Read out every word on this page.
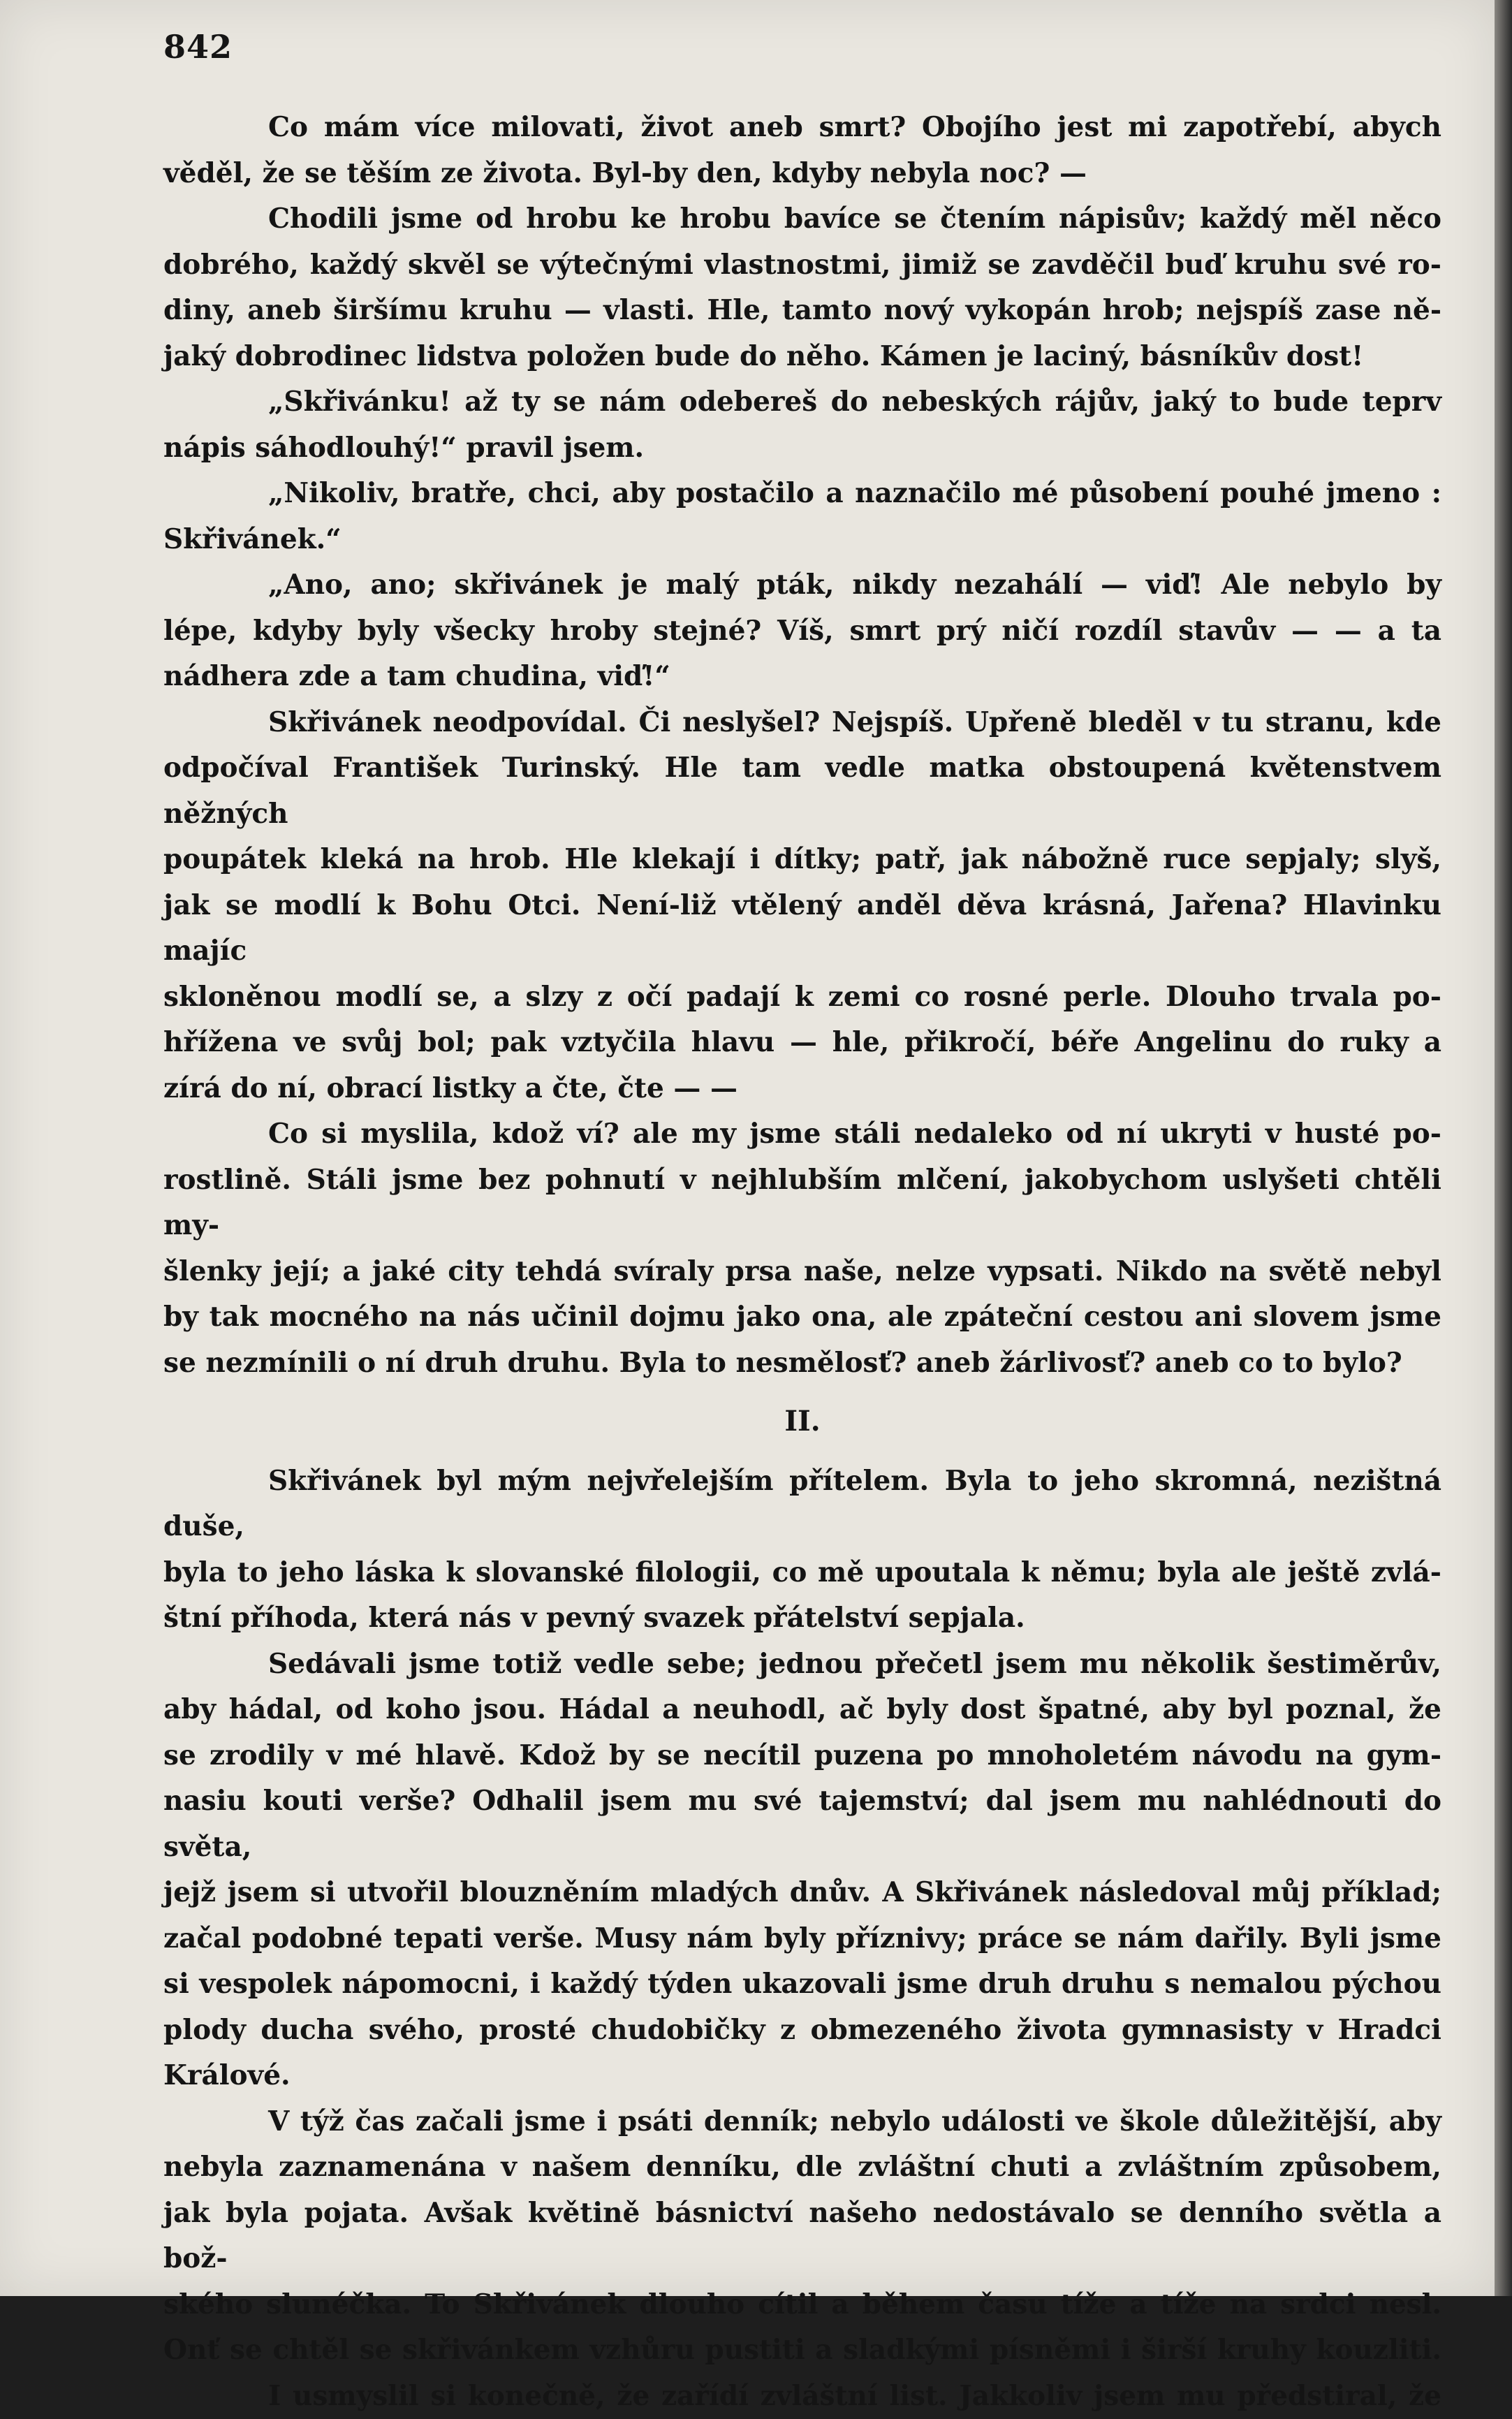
842

Co mám více milovati, život aneb smrt? Obojího jest mi zapotřebí, abych

věděl, že se těším ze života. Byl-by den, kdyby nebyla noc? —

Chodili jsme od hrobu ke hrobu bavíce se čtením nápisův; každý měl něco

dobrého, každý skvěl se výtečnými vlastnostmi, jimiž se zavděčil buď kruhu své ro-

diny, aneb širšímu kruhu — vlasti. Hle, tamto nový vykopán hrob; nejspíš zase ně-

jaký dobrodinec lidstva položen bude do něho. Kámen je laciný, básníkův dost!

„Skřivánku! až ty se nám odebereš do nebeských rájův, jaký to bude teprv

nápis sáhodlouhý!“ pravil jsem.

„Nikoliv, bratře, chci, aby postačilo a naznačilo mé působení pouhé jmeno :

Skřivánek.“

„Ano, ano; skřivánek je malý pták, nikdy nezahálí — viď! Ale nebylo by

lépe, kdyby byly všecky hroby stejné? Víš, smrt prý ničí rozdíl stavův — — a ta

nádhera zde a tam chudina, viď!“

Skřivánek neodpovídal. Či neslyšel? Nejspíš. Upřeně bleděl v tu stranu, kde

odpočíval František Turinský. Hle tam vedle matka obstoupená květenstvem něžných

poupátek kleká na hrob. Hle klekají i dítky; patř, jak nábožně ruce sepjaly; slyš,

jak se modlí k Bohu Otci. Není-liž vtělený anděl děva krásná, Jařena? Hlavinku majíc

skloněnou modlí se, a slzy z očí padají k zemi co rosné perle. Dlouho trvala po-

hřížena ve svůj bol; pak vztyčila hlavu — hle, přikročí, béře Angelinu do ruky a

zírá do ní, obrací listky a čte, čte — —

Co si myslila, kdož ví? ale my jsme stáli nedaleko od ní ukryti v husté po-

rostlině. Stáli jsme bez pohnutí v nejhlubším mlčení, jakobychom uslyšeti chtěli my-

šlenky její; a jaké city tehdá svíraly prsa naše, nelze vypsati. Nikdo na světě nebyl

by tak mocného na nás učinil dojmu jako ona, ale zpáteční cestou ani slovem jsme

se nezmínili o ní druh druhu. Byla to nesmělosť? aneb žárlivosť? aneb co to bylo?

II.

Skřivánek byl mým nejvřelejším přítelem. Byla to jeho skromná, nezištná duše,

byla to jeho láska k slovanské filologii, co mě upoutala k němu; byla ale ještě zvlá-

štní příhoda, která nás v pevný svazek přátelství sepjala.

Sedávali jsme totiž vedle sebe; jednou přečetl jsem mu několik šestiměrův,

aby hádal, od koho jsou. Hádal a neuhodl, ač byly dost špatné, aby byl poznal, že

se zrodily v mé hlavě. Kdož by se necítil puzena po mnoholetém návodu na gym-

nasiu kouti verše? Odhalil jsem mu své tajemství; dal jsem mu nahlédnouti do světa,

jejž jsem si utvořil blouzněním mladých dnův. A Skřivánek následoval můj příklad;

začal podobné tepati verše. Musy nám byly příznivy; práce se nám dařily. Byli jsme

si vespolek nápomocni, i každý týden ukazovali jsme druh druhu s nemalou pýchou

plody ducha svého, prosté chudobičky z obmezeného života gymnasisty v Hradci

Králové.

V týž čas začali jsme i psáti denník; nebylo události ve škole důležitější, aby

nebyla zaznamenána v našem denníku, dle zvláštní chuti a zvláštním způsobem,

jak byla pojata. Avšak květině básnictví našeho nedostávalo se denního světla a bož-

ského slunéčka. To Skřivánek dlouho cítil a během času tíže a tíže na srdci nesl.

Onť se chtěl se skřivánkem vzhůru pustiti a sladkými písněmi i širší kruhy kouzliti.

I usmyslil si konečně, že zařídí zvláštní list. Jakkoliv jsem mu předstiral, že
